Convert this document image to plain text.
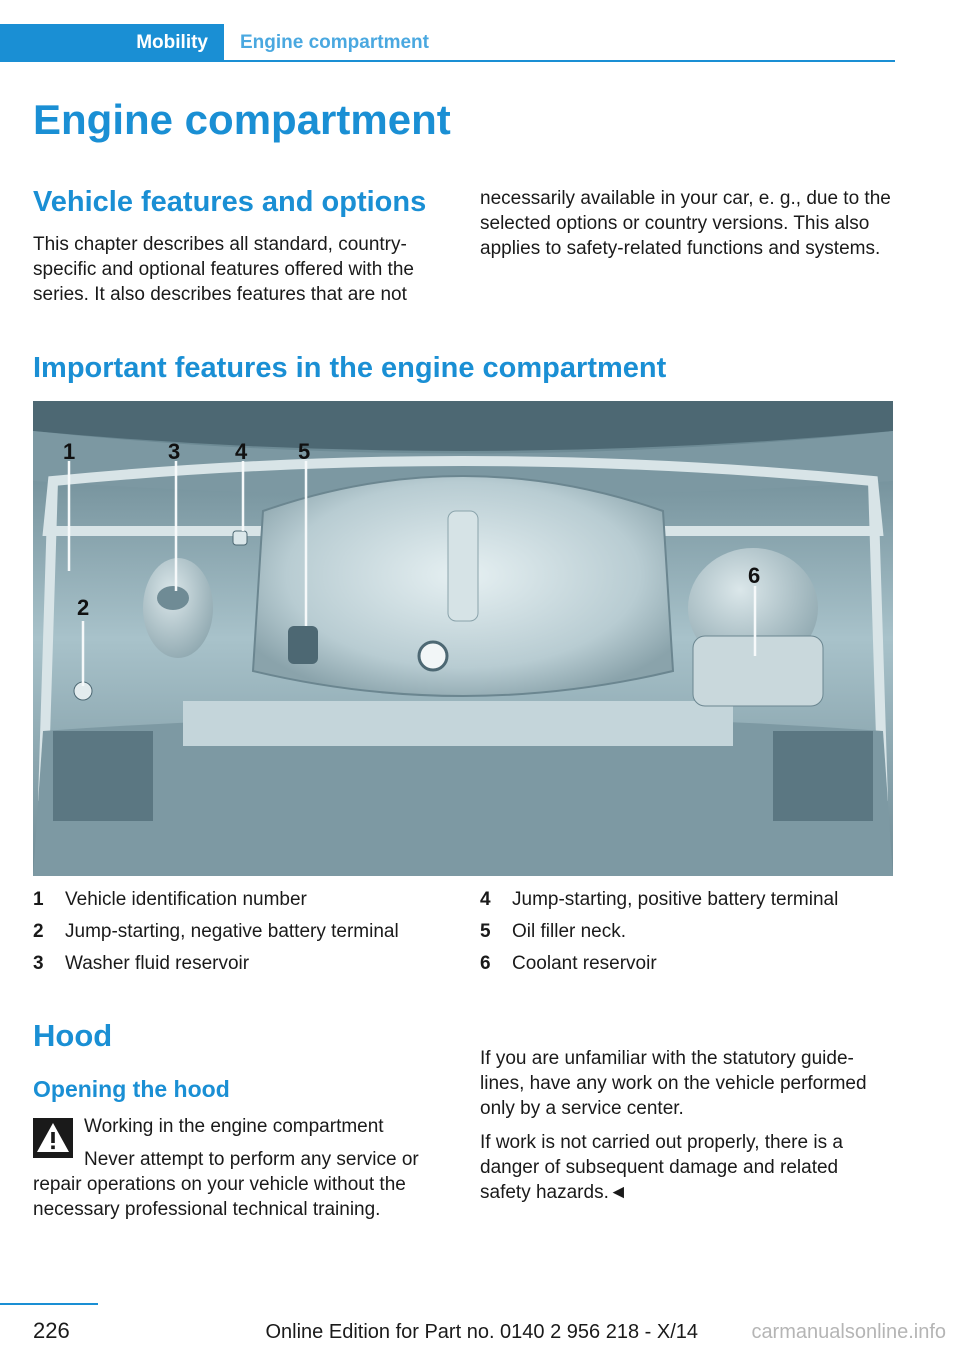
Mobility	Engine compartment
Engine compartment
Vehicle features and options

This chapter describes all standard, country-specific and optional features offered with the series. It also describes features that are not

necessarily available in your car, e. g., due to the selected options or country versions. This also applies to safety-related functions and systems.

Important features in the engine compartment
1
2
3 4 5
6
1	Vehicle identification number
2	Jump-starting, negative battery terminal
3	Washer fluid reservoir
4	Jump-starting, positive battery terminal
5	Oil filler neck.
6	Coolant reservoir
Hood
Opening the hood

Working in the engine compartment

Never attempt to perform any service or repair operations on your vehicle without the necessary professional technical training.

If you are unfamiliar with the statutory guide-lines, have any work on the vehicle performed only by a service center.

If work is not carried out properly, there is a danger of subsequent damage and related safety hazards.◄

226	Online Edition for Part no. 0140 2 956 218 - X/14	carmanualsonline.info
